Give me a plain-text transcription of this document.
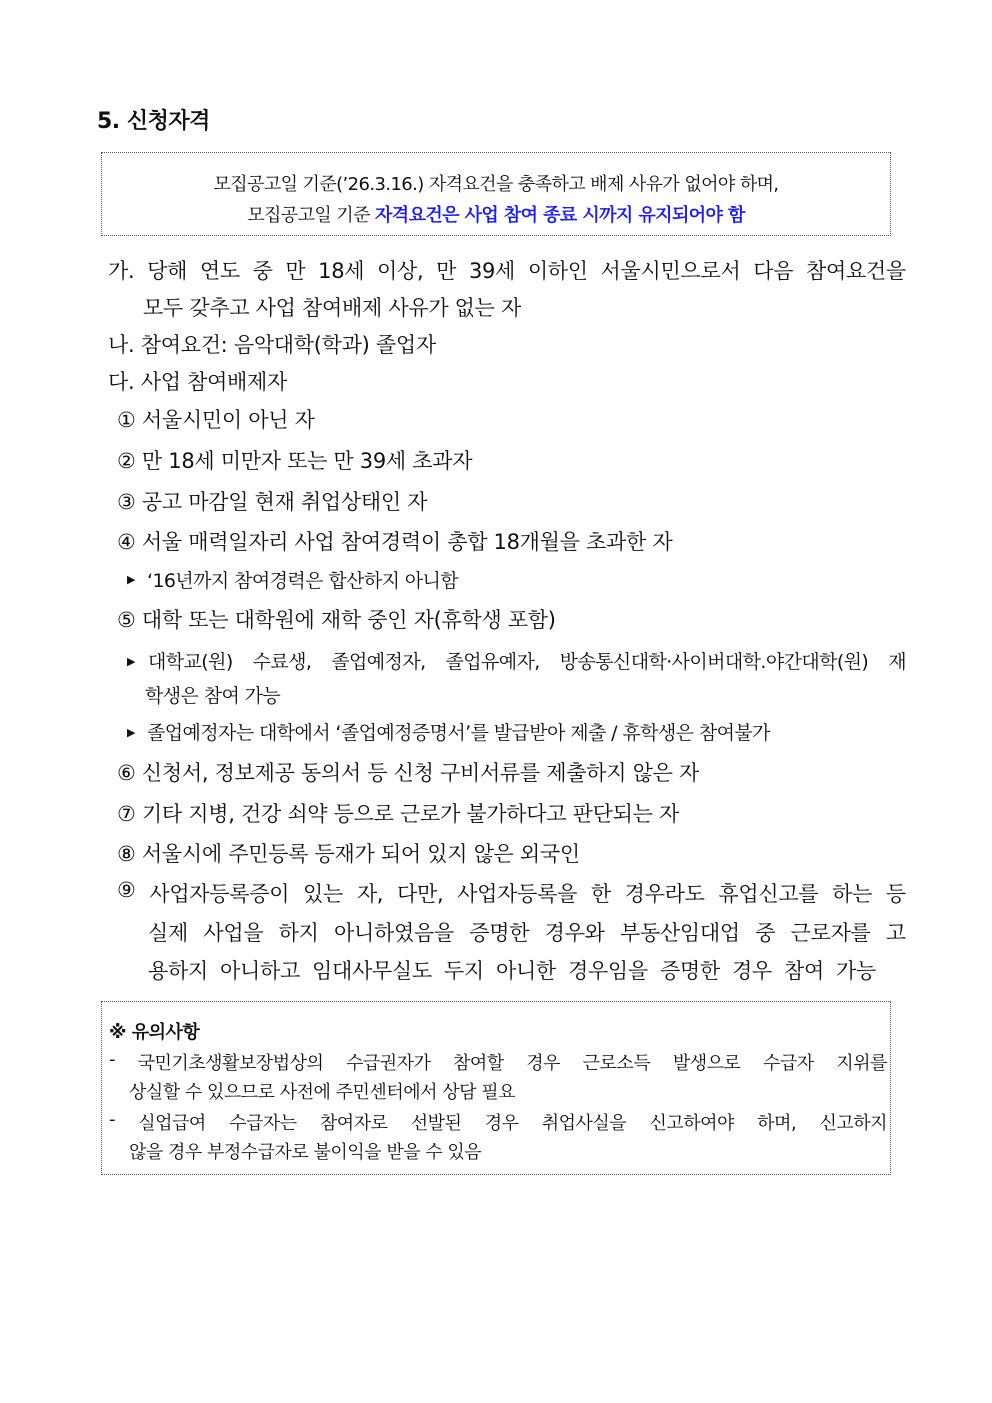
5. 신청자격
모집공고일 기준(’26.3.16.) 자격요건을 충족하고 배제 사유가 없어야 하며,
모집공고일 기준 자격요건은 사업 참여 종료 시까지 유지되어야 함
가. 당해 연도 중 만 18세 이상, 만 39세 이하인 서울시민으로서 다음 참여요건을
모두 갖추고 사업 참여배제 사유가 없는 자
나. 참여요건: 음악대학(학과) 졸업자
다. 사업 참여배제자
① 서울시민이 아닌 자
② 만 18세 미만자 또는 만 39세 초과자
③ 공고 마감일 현재 취업상태인 자
④ 서울 매력일자리 사업 참여경력이 총합 18개월을 초과한 자
▶ ‘16년까지 참여경력은 합산하지 아니함
⑤ 대학 또는 대학원에 재학 중인 자(휴학생 포함)
▶ 대학교(원) 수료생, 졸업예정자, 졸업유예자, 방송통신대학·사이버대학.야간대학(원) 재
학생은 참여 가능
▶ 졸업예정자는 대학에서 ‘졸업예정증명서’를 발급받아 제출 / 휴학생은 참여불가
⑥ 신청서, 정보제공 동의서 등 신청 구비서류를 제출하지 않은 자
⑦ 기타 지병, 건강 쇠약 등으로 근로가 불가하다고 판단되는 자
⑧ 서울시에 주민등록 등재가 되어 있지 않은 외국인
⑨ 사업자등록증이 있는 자, 다만, 사업자등록을 한 경우라도 휴업신고를 하는 등
실제 사업을 하지 아니하였음을 증명한 경우와 부동산임대업 중 근로자를 고
용하지 아니하고 임대사무실도 두지 아니한 경우임을 증명한 경우 참여 가능
※ 유의사항
- 국민기초생활보장법상의 수급권자가 참여할 경우 근로소득 발생으로 수급자 지위를
상실할 수 있으므로 사전에 주민센터에서 상담 필요
- 실업급여 수급자는 참여자로 선발된 경우 취업사실을 신고하여야 하며, 신고하지
않을 경우 부정수급자로 불이익을 받을 수 있음
